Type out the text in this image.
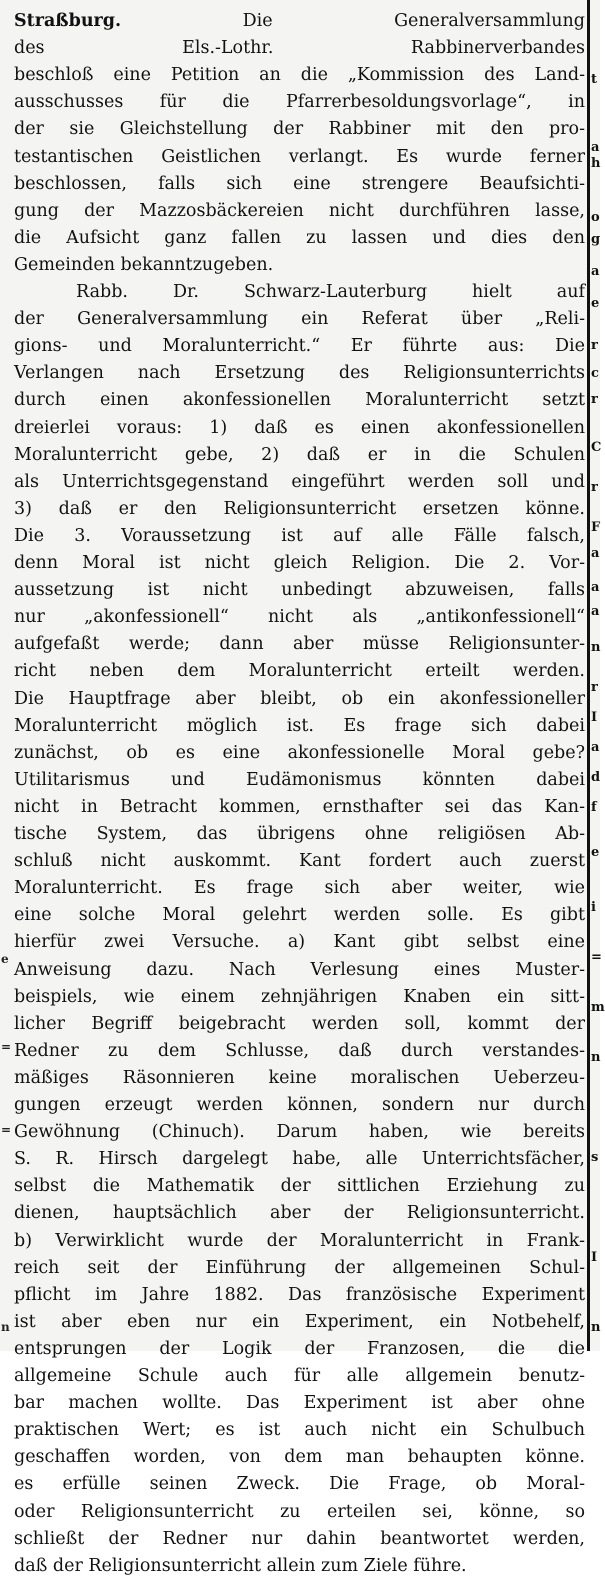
e
=
=
n
Straßburg.	Die Generalversammlung
des Els.-Lothr. Rabbinerverbandes
beschloß eine Petition an die „Kommission des Land-
ausschusses für die Pfarrerbesoldungsvorlage“, in
der sie Gleichstellung der Rabbiner mit den pro-
testantischen Geistlichen verlangt. Es wurde ferner
beschlossen, falls sich eine strengere Beaufsichti-
gung der Mazzosbäckereien nicht durchführen lasse,
die Aufsicht ganz fallen zu lassen und dies den
Gemeinden bekanntzugeben.
Rabb. Dr. Schwarz-Lauterburg hielt auf
der Generalversammlung ein Referat über „Reli-
gions- und Moralunterricht.“ Er führte aus: Die
Verlangen nach Ersetzung des Religionsunterrichts
durch einen akonfessionellen Moralunterricht setzt
dreierlei voraus: 1) daß es einen akonfessionellen
Moralunterricht gebe, 2) daß er in die Schulen
als Unterrichtsgegenstand eingeführt werden soll und
3) daß er den Religionsunterricht ersetzen könne.
Die 3. Voraussetzung ist auf alle Fälle falsch,
denn Moral ist nicht gleich Religion. Die 2. Vor-
aussetzung ist nicht unbedingt abzuweisen, falls
nur „akonfessionell“ nicht als „antikonfessionell“
aufgefaßt werde; dann aber müsse Religionsunter-
richt neben dem Moralunterricht erteilt werden.
Die Hauptfrage aber bleibt, ob ein akonfessioneller
Moralunterricht möglich ist. Es frage sich dabei
zunächst, ob es eine akonfessionelle Moral gebe?
Utilitarismus und Eudämonismus könnten dabei
nicht in Betracht kommen, ernsthafter sei das Kan-
tische System, das übrigens ohne religiösen Ab-
schluß nicht auskommt. Kant fordert auch zuerst
Moralunterricht. Es frage sich aber weiter, wie
eine solche Moral gelehrt werden solle. Es gibt
hierfür zwei Versuche. a) Kant gibt selbst eine
Anweisung dazu. Nach Verlesung eines Muster-
beispiels, wie einem zehnjährigen Knaben ein sitt-
licher Begriff beigebracht werden soll, kommt der
Redner zu dem Schlusse, daß durch verstandes-
mäßiges Räsonnieren keine moralischen Ueberzeu-
gungen erzeugt werden können, sondern nur durch
Gewöhnung (Chinuch). Darum haben, wie bereits
S. R. Hirsch dargelegt habe, alle Unterrichtsfächer,
selbst die Mathematik der sittlichen Erziehung zu
dienen, hauptsächlich aber der Religionsunterricht.
b) Verwirklicht wurde der Moralunterricht in Frank-
reich seit der Einführung der allgemeinen Schul-
pflicht im Jahre 1882. Das französische Experiment
ist aber eben nur ein Experiment, ein Notbehelf,
entsprungen der Logik der Franzosen, die die
allgemeine Schule auch für alle allgemein benutz-
bar machen wollte. Das Experiment ist aber ohne
praktischen Wert; es ist auch nicht ein Schulbuch
geschaffen worden, von dem man behaupten könne.
es erfülle seinen Zweck. Die Frage, ob Moral-
oder Religionsunterricht zu erteilen sei, könne, so
schließt der Redner nur dahin beantwortet werden,
daß der Religionsunterricht allein zum Ziele führe.
t
a
h
o
g
a
e
r
c
r
C
r
F
a
a
a
n
r
I
a
d
f
e
i
=
m
n
s
I
n
